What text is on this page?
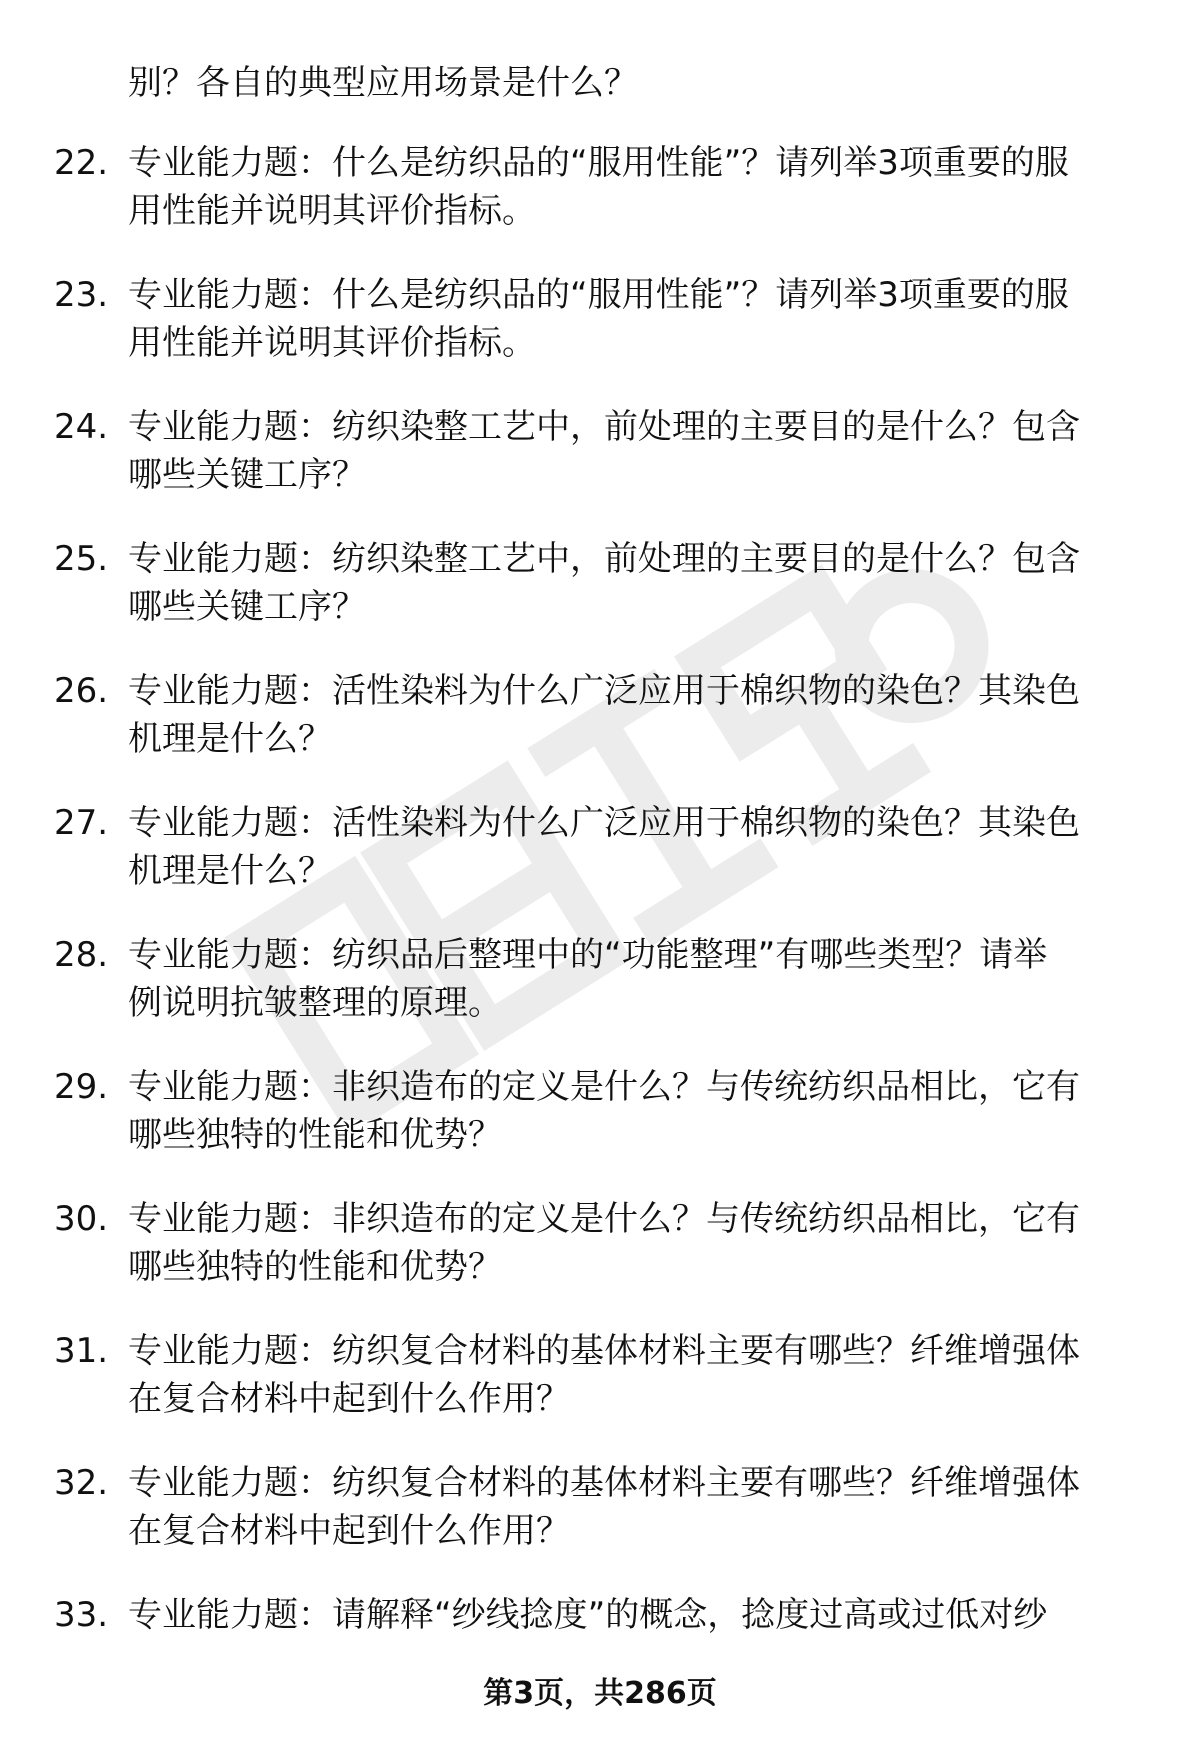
别？各自的典型应用场景是什么？
22. 专业能力题：什么是纺织品的“服用性能”？请列举3项重要的服
用性能并说明其评价指标。
23. 专业能力题：什么是纺织品的“服用性能”？请列举3项重要的服
用性能并说明其评价指标。
24. 专业能力题：纺织染整工艺中，前处理的主要目的是什么？包含
哪些关键工序？
25. 专业能力题：纺织染整工艺中，前处理的主要目的是什么？包含
哪些关键工序？
26. 专业能力题：活性染料为什么广泛应用于棉织物的染色？其染色
机理是什么？
27. 专业能力题：活性染料为什么广泛应用于棉织物的染色？其染色
机理是什么？
28. 专业能力题：纺织品后整理中的“功能整理”有哪些类型？请举
例说明抗皱整理的原理。
29. 专业能力题：非织造布的定义是什么？与传统纺织品相比，它有
哪些独特的性能和优势？
30. 专业能力题：非织造布的定义是什么？与传统纺织品相比，它有
哪些独特的性能和优势？
31. 专业能力题：纺织复合材料的基体材料主要有哪些？纤维增强体
在复合材料中起到什么作用？
32. 专业能力题：纺织复合材料的基体材料主要有哪些？纤维增强体
在复合材料中起到什么作用？
33. 专业能力题：请解释“纱线捻度”的概念，捻度过高或过低对纱
第3页，共286页
